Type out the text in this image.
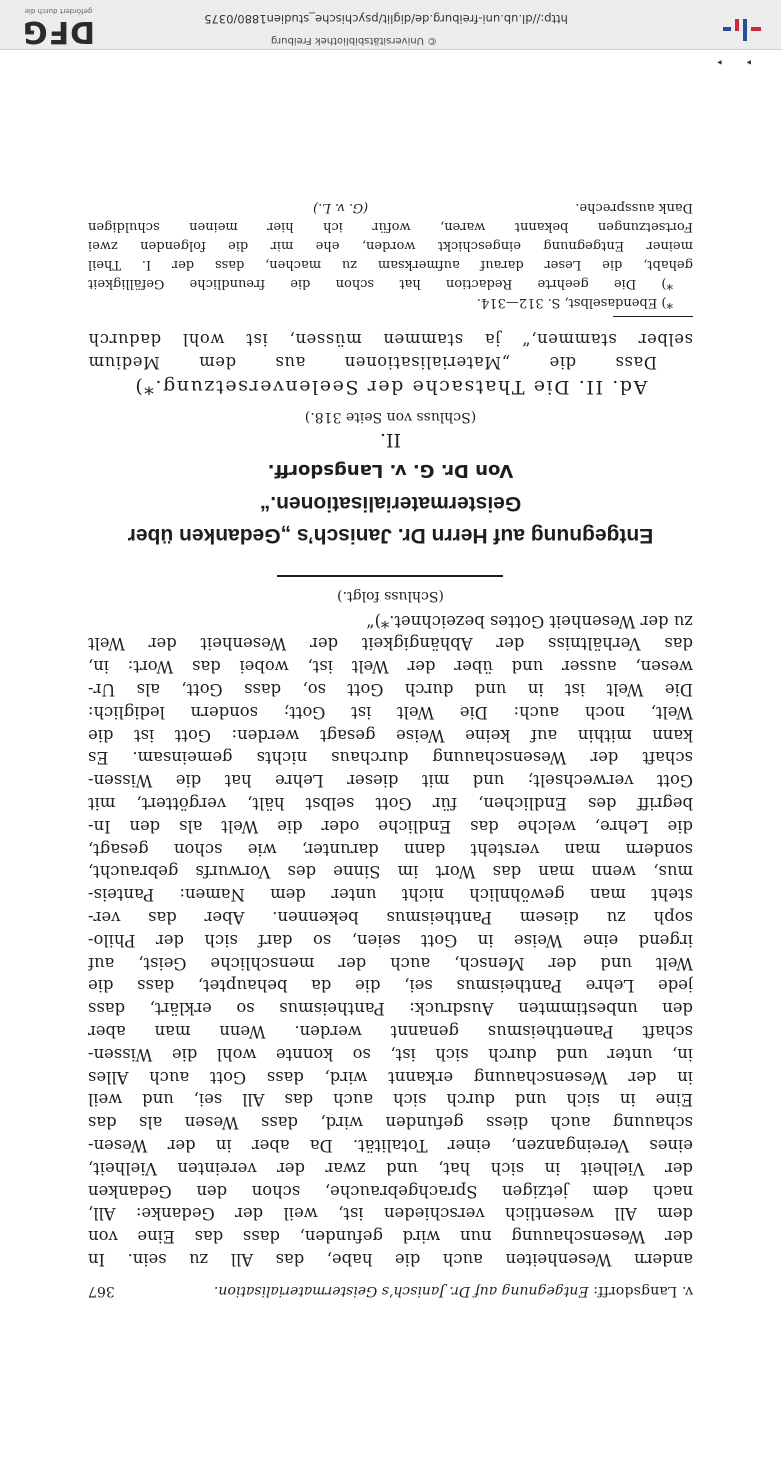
v. Langsdorff: Entgegnung auf Dr. Janisch’s Geistermaterialisation.
367
andern Wesenheiten auch die habe, das All zu sein. In
der Wesenschauung nun wird gefunden, dass das Eine von
dem All wesentlich verschieden ist, weil der Gedanke: All,
nach dem jetzigen Sprachgebrauche, schon den Gedanken
der Vielheit in sich hat, und zwar der vereinten Vielheit,
eines Vereinganzen, einer Totalität. Da aber in der Wesen-
schauung auch diess gefunden wird, dass Wesen als das
Eine in sich und durch sich auch das All sei, und weil
in der Wesenschauung erkannt wird, dass Gott auch Alles
in, unter und durch sich ist, so konnte wohl die Wissen-
schaft Panentheismus genannt werden. Wenn man aber
den unbestimmten Ausdruck: Pantheismus so erklärt, dass
jede Lehre Pantheismus sei, die da behauptet, dass die
Welt und der Mensch, auch der menschliche Geist, auf
irgend eine Weise in Gott seien, so darf sich der Philo-
soph zu diesem Pantheismus bekennen. Aber das ver-
steht man gewöhnlich nicht unter dem Namen: Panteis-
mus, wenn man das Wort im Sinne des Vorwurfs gebraucht,
sondern man versteht dann darunter, wie schon gesagt,
die Lehre, welche das Endliche oder die Welt als den In-
begriff des Endlichen, für Gott selbst hält, vergöttert, mit
Gott verwechselt; und mit dieser Lehre hat die Wissen-
schaft der Wesenschauung durchaus nichts gemeinsam. Es
kann mithin auf keine Weise gesagt werden: Gott ist die
Welt, noch auch: Die Welt ist Gott; sondern lediglich:
Die Welt ist in und durch Gott so, dass Gott, als Ur-
wesen, ausser und über der Welt ist, wobei das Wort: in,
das Verhältniss der Abhängigkeit der Wesenheit der Welt
zu der Wesenheit Gottes bezeichnet.*)“
(Schluss folgt.)
Entgegnung auf Herrn Dr. Janisch’s „Gedanken über
Geistermaterialisationen.“
Von Dr. G. v. Langsdorff.
II.
(Schluss von Seite 318.)
Ad. II. Die Thatsache der Seelenversetzung.*)
Dass die „Materialisationen aus dem Medium
selber stammen,“ ja stammen müssen, ist wohl dadurch
*) Ebendaselbst, S. 312—314.
*) Die geehrte Redaction hat schon die freundliche Gefälligkeit
gehabt, die Leser darauf aufmerksam zu machen, dass der I. Theil
meiner Entgegnung eingeschickt worden, ehe mir die folgenden zwei
Fortsetzungen bekannt waren, wofür ich hier meinen schuldigen
Dank ausspreche.
(G. v. L.)
▸ ▸
© Universitätsbibliothek Freiburg
http://dl.ub.uni-freiburg.de/diglit/psychische_studien1880/0375
DFG
gefördert durch die
